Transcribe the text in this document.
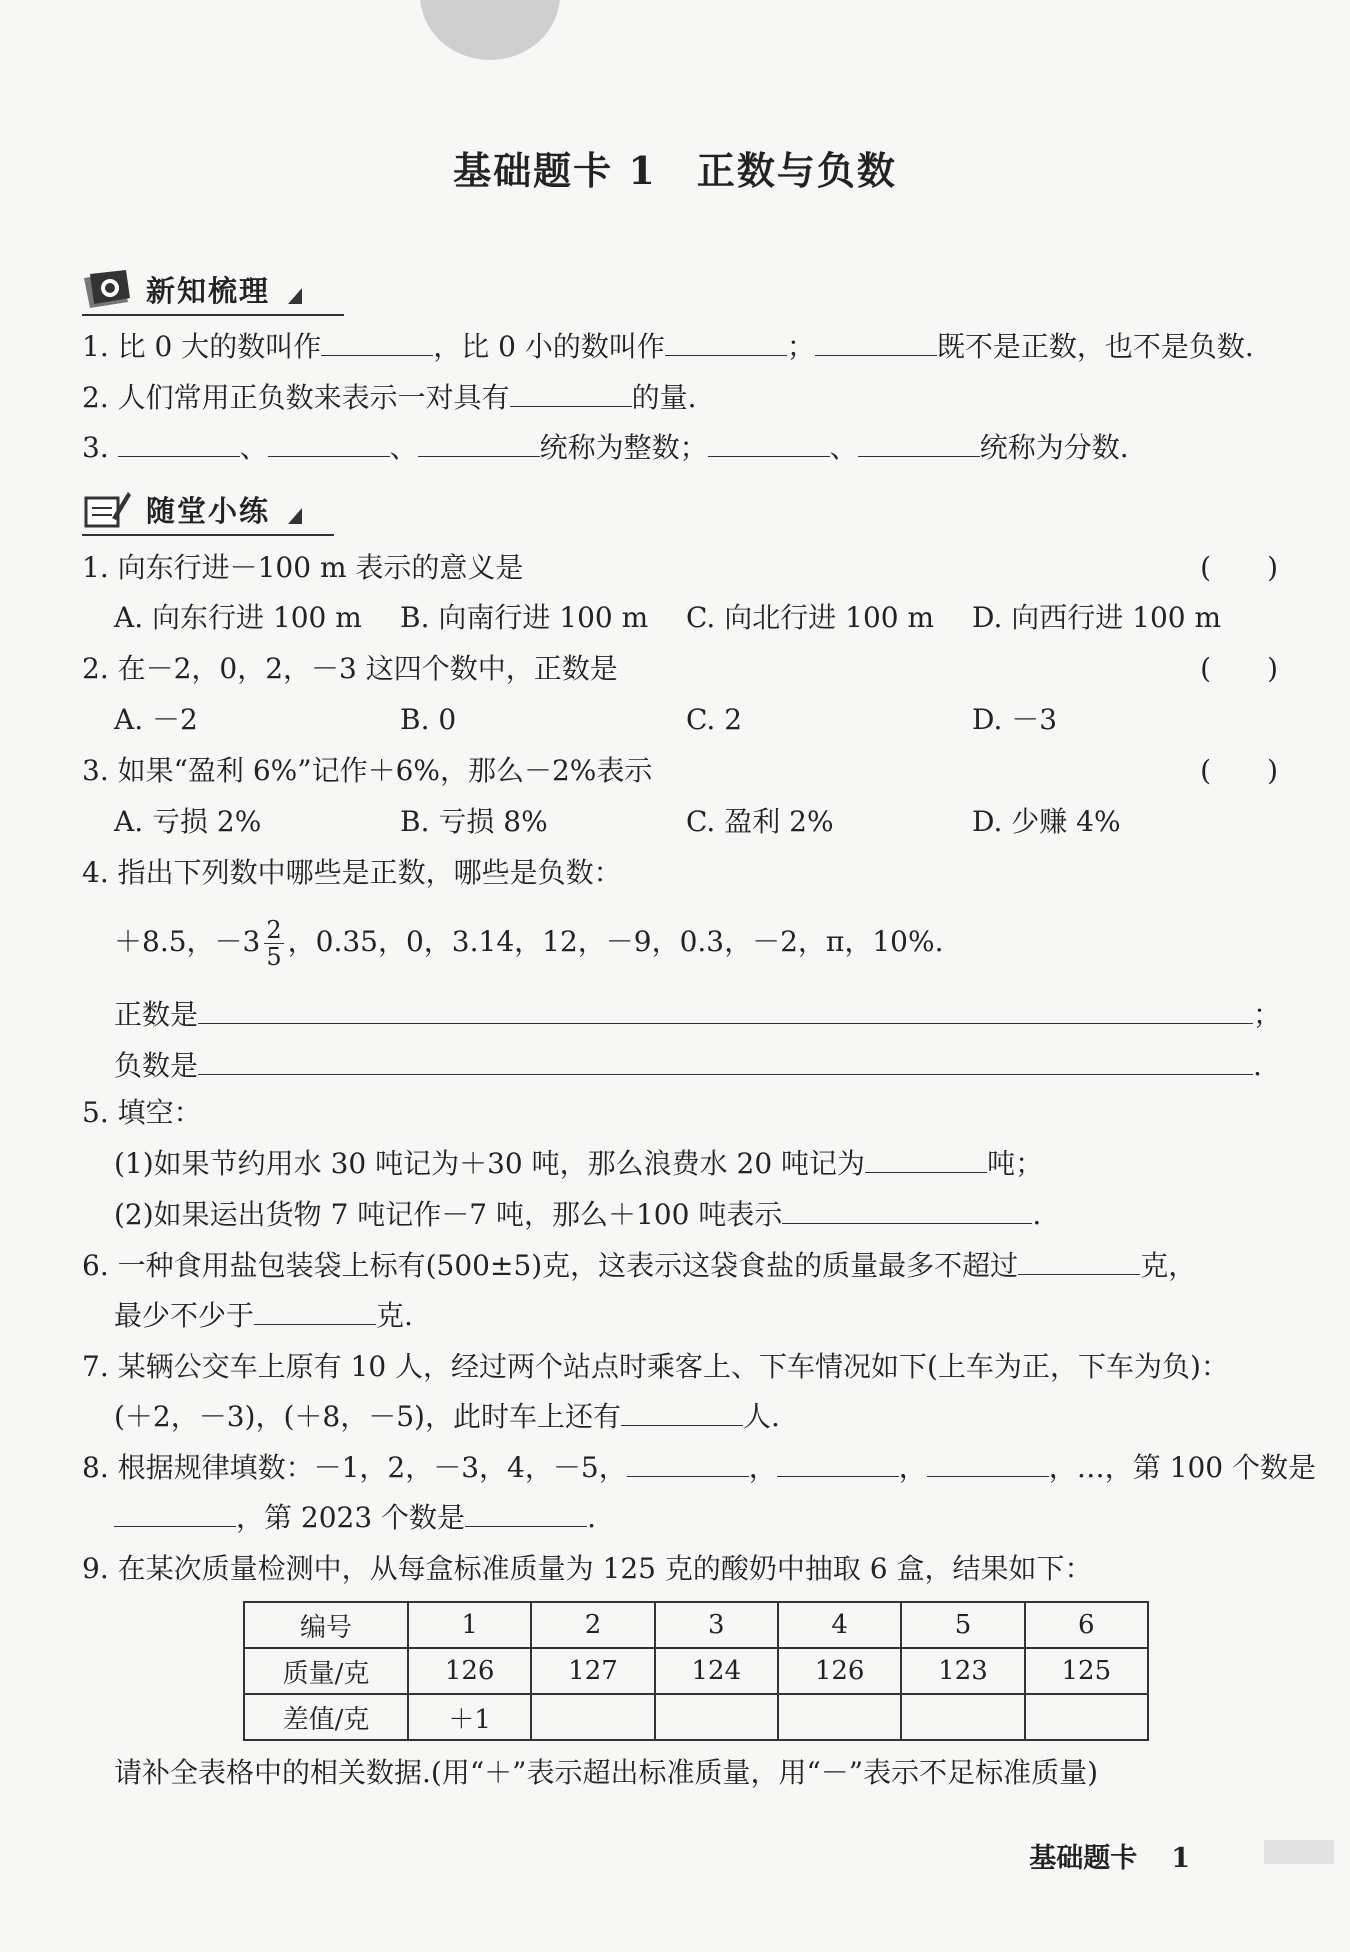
基础题卡 1 正数与负数
新知梳理
1. 比 0 大的数叫作	，比 0 小的数叫作	；	既不是正数，也不是负数.
2. 人们常用正负数来表示一对具有	的量.
3.	、	、	统称为整数；	、	统称为分数.
随堂小练
1. 向东行进－100 m 表示的意义是	(　　)
A. 向东行进 100 m B. 向南行进 100 m C. 向北行进 100 m D. 向西行进 100 m
2. 在－2，0，2，－3 这四个数中，正数是	(　　)
A. －2	B. 0	C. 2	D. －3
3. 如果“盈利 6%”记作＋6%，那么－2%表示	(　　)
A. 亏损 2%	B. 亏损 8%	C. 盈利 2%	D. 少赚 4%
4. 指出下列数中哪些是正数，哪些是负数：
＋8.5，$-3 \frac{2}{5}$ ，0.35，0，3.14，12，－9，0.3，－2，π，10%.
正数是	；
负数是	.
5. 填空：
(1)如果节约用水 30 吨记为＋30 吨，那么浪费水 20 吨记为	吨；
(2)如果运出货物 7 吨记作－7 吨，那么＋100 吨表示	.
6. 一种食用盐包装袋上标有(500±5)克，这表示这袋食盐的质量最多不超过	克，
最少不少于	克.
7. 某辆公交车上原有 10 人，经过两个站点时乘客上、下车情况如下(上车为正，下车为负)：
(＋2，－3)，(＋8，－5)，此时车上还有	人.
8. 根据规律填数：－1，2，－3，4，－5，	，	，	，…，第 100 个数是
，第 2023 个数是	.
9. 在某次质量检测中，从每盒标准质量为 125 克的酸奶中抽取 6 盒，结果如下：
编号	1	2	3	4	5	6
质量/克	126	127	124	126	123	125
差值/克	＋1					
请补全表格中的相关数据.(用“＋”表示超出标准质量，用“－”表示不足标准质量)
基础题卡 1
